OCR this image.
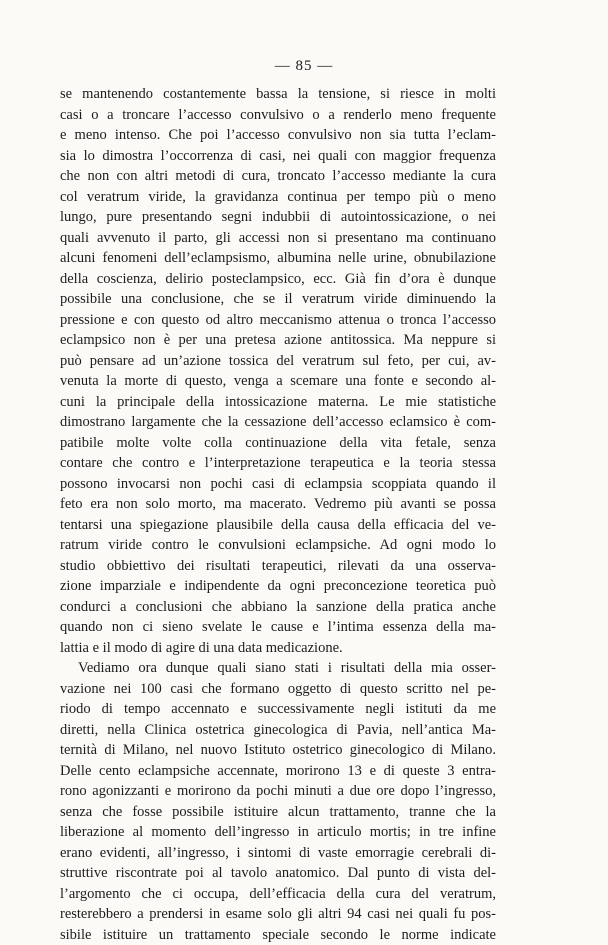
— 85 —
se mantenendo costantemente bassa la tensione, si riesce in molti
casi o a troncare l’accesso convulsivo o a renderlo meno frequente
e meno intenso. Che poi l’accesso convulsivo non sia tutta l’eclam-
sia lo dimostra l’occorrenza di casi, nei quali con maggior frequenza
che non con altri metodi di cura, troncato l’accesso mediante la cura
col veratrum viride, la gravidanza continua per tempo più o meno
lungo, pure presentando segni indubbii di autointossicazione, o nei
quali avvenuto il parto, gli accessi non si presentano ma continuano
alcuni fenomeni dell’eclampsismo, albumina nelle urine, obnubilazione
della coscienza, delirio posteclampsico, ecc. Già fin d’ora è dunque
possibile una conclusione, che se il veratrum viride diminuendo la
pressione e con questo od altro meccanismo attenua o tronca l’accesso
eclampsico non è per una pretesa azione antitossica. Ma neppure si
può pensare ad un’azione tossica del veratrum sul feto, per cui, av-
venuta la morte di questo, venga a scemare una fonte e secondo al-
cuni la principale della intossicazione materna. Le mie statistiche
dimostrano largamente che la cessazione dell’accesso eclamsico è com-
patibile molte volte colla continuazione della vita fetale, senza
contare che contro e l’interpretazione terapeutica e la teoria stessa
possono invocarsi non pochi casi di eclampsia scoppiata quando il
feto era non solo morto, ma macerato. Vedremo più avanti se possa
tentarsi una spiegazione plausibile della causa della efficacia del ve-
ratrum viride contro le convulsioni eclampsiche. Ad ogni modo lo
studio obbiettivo dei risultati terapeutici, rilevati da una osserva-
zione imparziale e indipendente da ogni preconcezione teoretica può
condurci a conclusioni che abbiano la sanzione della pratica anche
quando non ci sieno svelate le cause e l’intima essenza della ma-
lattia e il modo di agire di una data medicazione.
Vediamo ora dunque quali siano stati i risultati della mia osser-
vazione nei 100 casi che formano oggetto di questo scritto nel pe-
riodo di tempo accennato e successivamente negli istituti da me
diretti, nella Clinica ostetrica ginecologica di Pavia, nell’antica Ma-
ternità di Milano, nel nuovo Istituto ostetrico ginecologico di Milano.
Delle cento eclampsiche accennate, morirono 13 e di queste 3 entra-
rono agonizzanti e morirono da pochi minuti a due ore dopo l’ingresso,
senza che fosse possibile istituire alcun trattamento, tranne che la
liberazione al momento dell’ingresso in articulo mortis; in tre infine
erano evidenti, all’ingresso, i sintomi di vaste emorragie cerebrali di-
struttive riscontrate poi al tavolo anatomico. Dal punto di vista del-
l’argomento che ci occupa, dell’efficacia della cura del veratrum,
resterebbero a prendersi in esame solo gli altri 94 casi nei quali fu pos-
sibile istituire un trattamento speciale secondo le norme indicate
